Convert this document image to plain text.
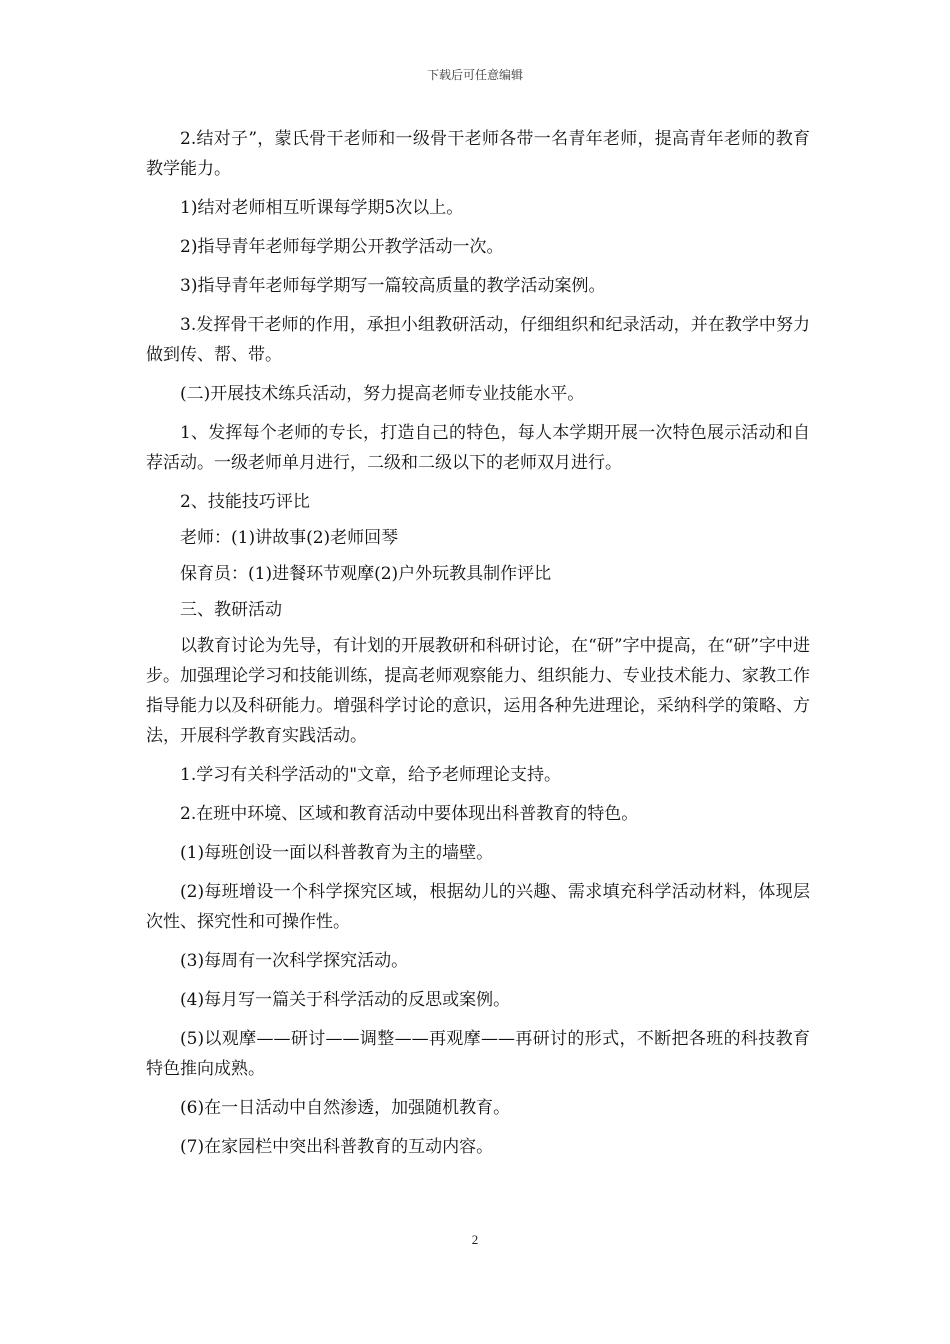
下载后可任意编辑

2.结对子”，蒙氏骨干老师和一级骨干老师各带一名青年老师，提高青年老师的教育教学能力。

1)结对老师相互听课每学期5次以上。

2)指导青年老师每学期公开教学活动一次。

3)指导青年老师每学期写一篇较高质量的教学活动案例。

3.发挥骨干老师的作用，承担小组教研活动，仔细组织和纪录活动，并在教学中努力做到传、帮、带。

(二)开展技术练兵活动，努力提高老师专业技能水平。

1、发挥每个老师的专长，打造自己的特色，每人本学期开展一次特色展示活动和自荐活动。一级老师单月进行，二级和二级以下的老师双月进行。

2、技能技巧评比

老师：(1)讲故事(2)老师回琴

保育员：(1)进餐环节观摩(2)户外玩教具制作评比

三、教研活动

以教育讨论为先导，有计划的开展教研和科研讨论，在“研”字中提高，在“研”字中进步。加强理论学习和技能训练，提高老师观察能力、组织能力、专业技术能力、家教工作指导能力以及科研能力。增强科学讨论的意识，运用各种先进理论，采纳科学的策略、方法，开展科学教育实践活动。

1.学习有关科学活动的"文章，给予老师理论支持。

2.在班中环境、区域和教育活动中要体现出科普教育的特色。

(1)每班创设一面以科普教育为主的墙壁。

(2)每班增设一个科学探究区域，根据幼儿的兴趣、需求填充科学活动材料，体现层次性、探究性和可操作性。

(3)每周有一次科学探究活动。

(4)每月写一篇关于科学活动的反思或案例。

(5)以观摩——研讨——调整——再观摩——再研讨的形式，不断把各班的科技教育特色推向成熟。

(6)在一日活动中自然渗透，加强随机教育。

(7)在家园栏中突出科普教育的互动内容。

2
